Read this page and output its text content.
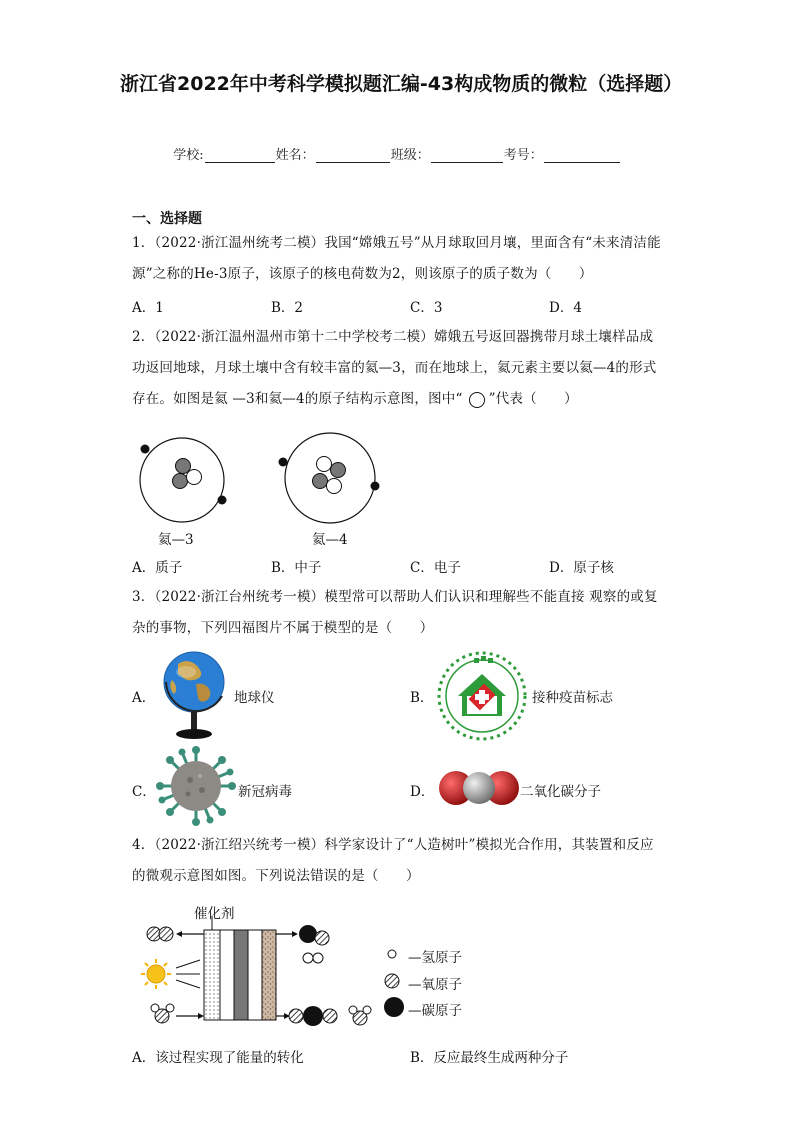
浙江省2022年中考科学模拟题汇编-43构成物质的微粒（选择题）
学校:	姓名：	班级：	考号：
一、选择题
1．（2022·浙江温州统考二模）我国“嫦娥五号”从月球取回月壤，里面含有“未来清洁能源”之称的He-3原子，该原子的核电荷数为2，则该原子的质子数为（　　）
A．1	B．2	C．3	D．4
2．（2022·浙江温州温州市第十二中学校考二模）嫦娥五号返回器携带月球土壤样品成功返回地球，月球土壤中含有较丰富的氦—3，而在地球上，氦元素主要以氦—4的形式存在。如图是氦 —3和氦—4的原子结构示意图，图中“ ”代表（　　）
氦—3	氦—4
A．质子	B．中子	C．电子	D．原子核
3．（2022·浙江台州统考一模）模型常可以帮助人们认识和理解些不能直接 观察的或复杂的事物，下列四福图片不属于模型的是（　　）
A．	地球仪	B．	接种疫苗标志
C．	新冠病毒	D．	二氧化碳分子
4．（2022·浙江绍兴统考一模）科学家设计了“人造树叶”模拟光合作用，其装置和反应的微观示意图如图。下列说法错误的是（　　）
催化剂
—氢原子
—氧原子
—碳原子
A．该过程实现了能量的转化	B．反应最终生成两种分子
